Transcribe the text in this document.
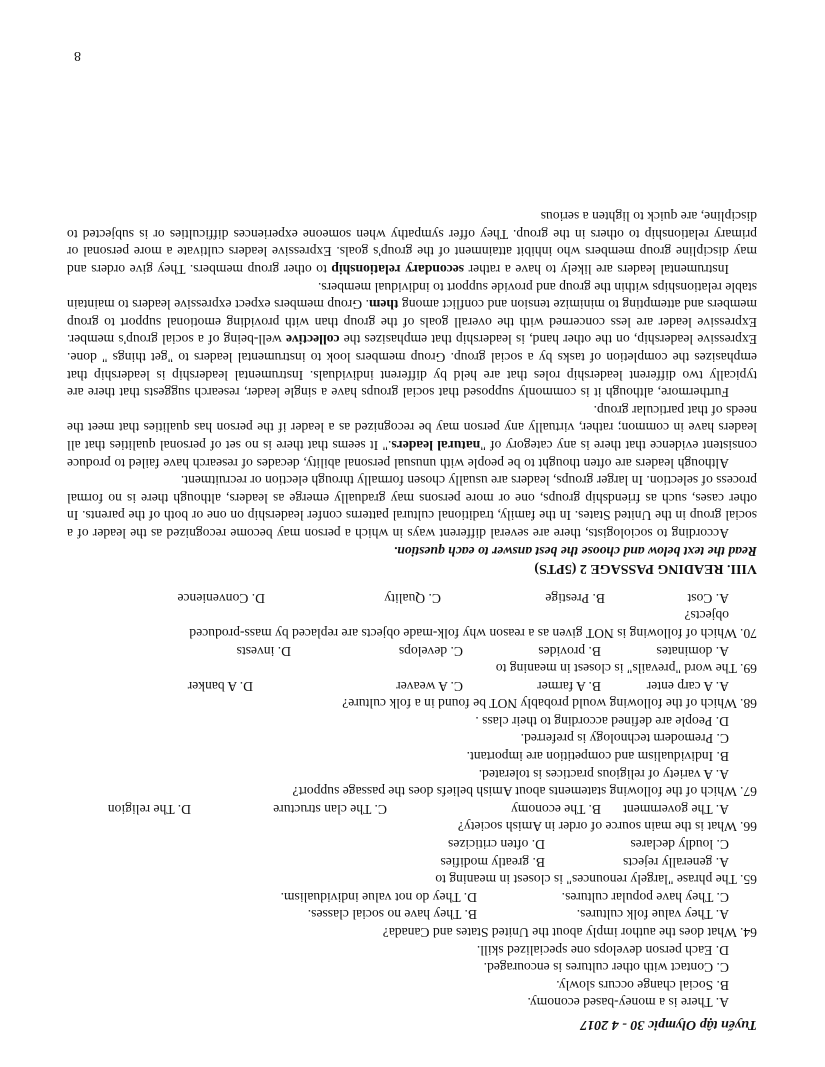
Tuyển tập Olympic 30 - 4 2017
A. There is a money-based economy.
B. Social change occurs slowly.
C. Contact with other cultures is encouraged.
D. Each person develops one specialized skill.
64. What does the author imply about the United States and Canada?
A. They value folk cultures.
B. They have no social classes.
C. They have popular cultures.
D. They do not value individualism.
65. The phrase "largely renounces" is closest in meaning to
A. generally rejects
B. greatly modifies
C. loudly declares
D. often criticizes
66. What is the main source of order in Amish society?
A. The government
B. The economy
C. The clan structure
D. The religion
67. Which of the following statements about Amish beliefs does the passage support?
A. A variety of religious practices is tolerated.
B. Individualism and competition are important.
C. Premodern technology is preferred.
D. People are defined according to their class .
68. Which of the following would probably NOT be found in a folk culture?
A. A carp enter
B. A farmer
C. A weaver
D. A banker
69. The word "prevails" is closest in meaning to
A. dominates
B. provides
C. develops
D. invests
70. Which of following is NOT given as a reason why folk-made objects are replaced by mass-produced
objects?
A. Cost
B. Prestige
C. Quality
D. Convenience
VIII. READING PASSAGE 2 (5PTS)
Read the text below and choose the best answer to each question.

According to sociologists, there are several different ways in which a person may become recognized as the leader of a social group in the United States. In the family, traditional cultural patterns confer leadership on one or both of the parents. In other cases, such as friendship groups, one or more persons may gradually emerge as leaders, although there is no formal process of selection. In larger groups, leaders are usually chosen formally through election or recruitment.

Although leaders are often thought to be people with unusual personal ability, decades of research have failed to produce consistent evidence that there is any category of "natural leaders." It seems that there is no set of personal qualities that all leaders have in common; rather, virtually any person may be recognized as a leader if the person has qualities that meet the needs of that particular group.

Furthermore, although it is commonly supposed that social groups have a single leader, research suggests that there are typically two different leadership roles that are held by different individuals. Instrumental leadership is leadership that emphasizes the completion of tasks by a social group. Group members look to instrumental leaders to "get things " done. Expressive leadership, on the other hand, is leadership that emphasizes the collective well-being of a social group's member. Expressive leader are less concerned with the overall goals of the group than with providing emotional support to group members and attempting to minimize tension and conflict among them. Group members expect expressive leaders to maintain stable relationships within the group and provide support to individual members.

Instrumental leaders are likely to have a rather secondary relationship to other group members. They give orders and may discipline group members who inhibit attainment of the group's goals. Expressive leaders cultivate a more personal or primary relationship to others in the group. They offer sympathy when someone experiences difficulties or is subjected to discipline, are quick to lighten a serious

8
